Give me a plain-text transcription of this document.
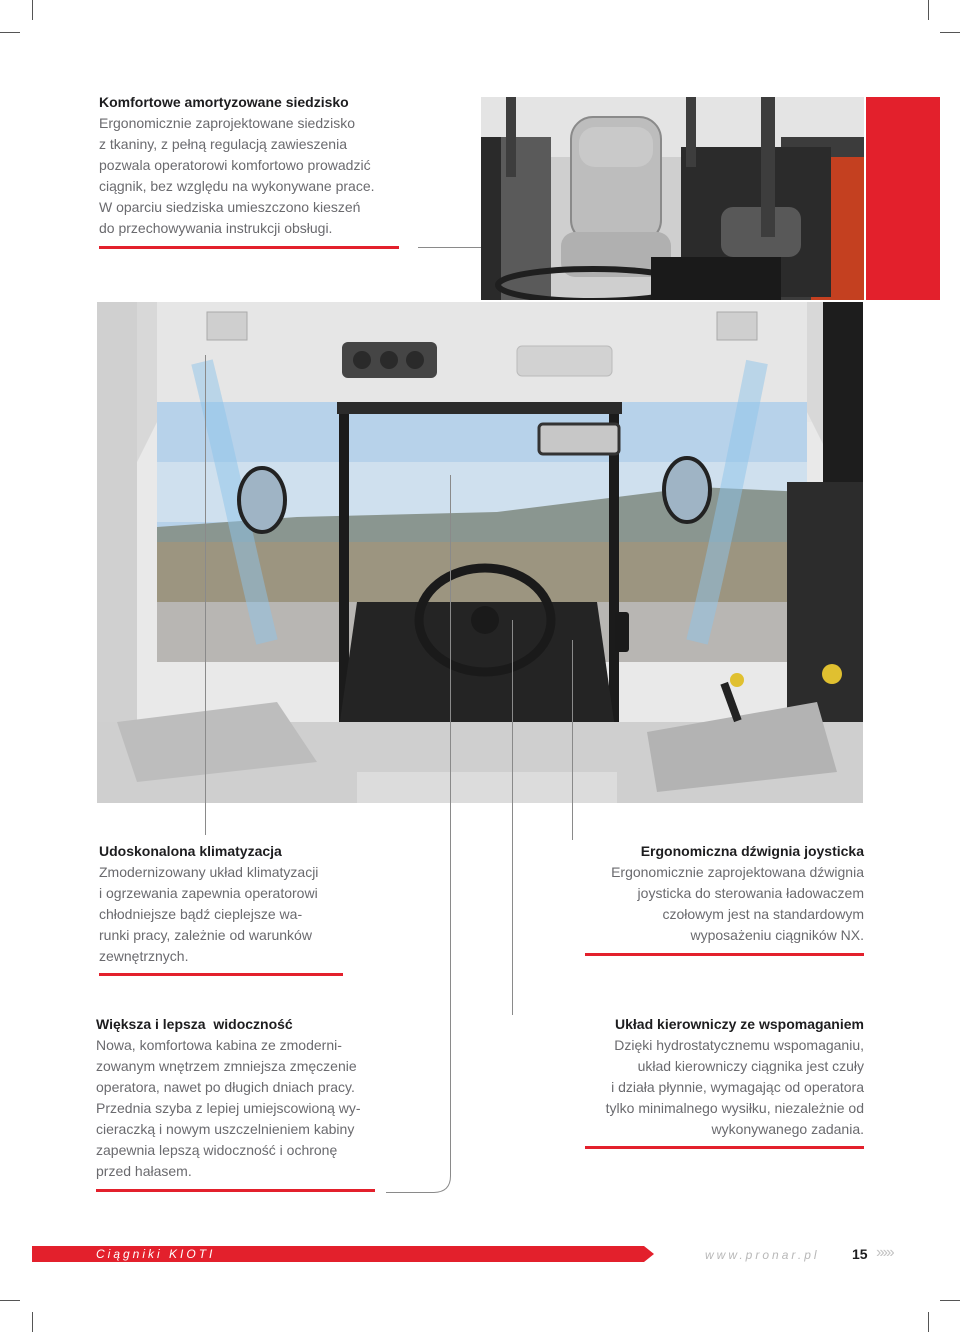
Komfortowe amortyzowane siedzisko
Ergonomicznie zaprojektowane siedzisko
z tkaniny, z pełną regulacją zawieszenia
pozwala operatorowi komfortowo prowadzić
ciągnik, bez względu na wykonywane prace.
W oparciu siedziska umieszczono kieszeń
do przechowywania instrukcji obsługi.
Udoskonalona klimatyzacja
Zmodernizowany układ klimatyzacji
i ogrzewania zapewnia operatorowi
chłodniejsze bądź cieplejsze wa-
runki pracy, zależnie od warunków
zewnętrznych.
Ergonomiczna dźwignia joysticka
Ergonomicznie zaprojektowana dźwignia
joysticka do sterowania ładowaczem
czołowym jest na standardowym
wyposażeniu ciągników NX.
Większa i lepsza  widoczność
Nowa, komfortowa kabina ze zmoderni-
zowanym wnętrzem zmniejsza zmęczenie
operatora, nawet po długich dniach pracy.
Przednia szyba z lepiej umiejscowioną wy-
cieraczką i nowym uszczelnieniem kabiny
zapewnia lepszą widoczność i ochronę
przed hałasem.
Układ kierowniczy ze wspomaganiem
Dzięki hydrostatycznemu wspomaganiu,
układ kierowniczy ciągnika jest czuły
i działa płynnie, wymagając od operatora
tylko minimalnego wysiłku, niezależnie od
wykonywanego zadania.
Ciągniki KIOTI	www.pronar.pl 15 ›››››
